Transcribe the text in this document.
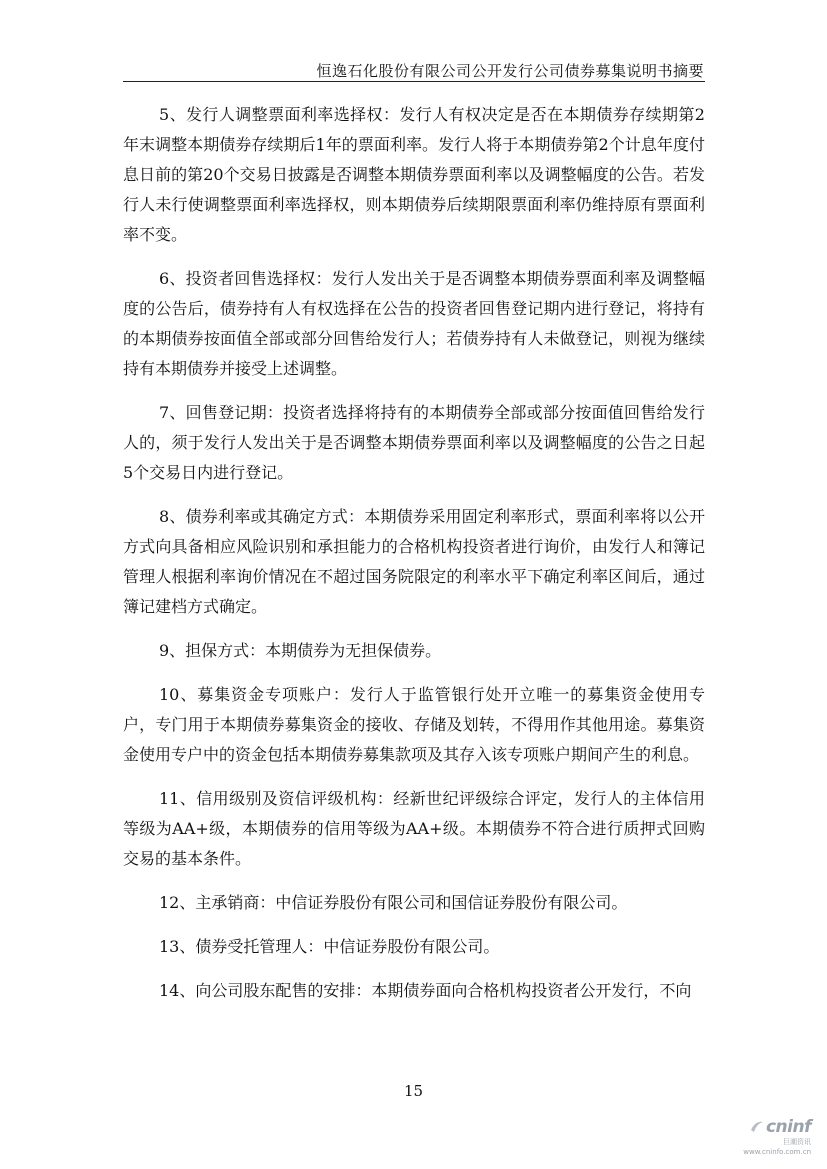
恒逸石化股份有限公司公开发行公司债券募集说明书摘要

5、发行人调整票面利率选择权：发行人有权决定是否在本期债券存续期第2年末调整本期债券存续期后1年的票面利率。发行人将于本期债券第2个计息年度付息日前的第20个交易日披露是否调整本期债券票面利率以及调整幅度的公告。若发行人未行使调整票面利率选择权，则本期债券后续期限票面利率仍维持原有票面利率不变。

6、投资者回售选择权：发行人发出关于是否调整本期债券票面利率及调整幅度的公告后，债券持有人有权选择在公告的投资者回售登记期内进行登记，将持有的本期债券按面值全部或部分回售给发行人；若债券持有人未做登记，则视为继续持有本期债券并接受上述调整。

7、回售登记期：投资者选择将持有的本期债券全部或部分按面值回售给发行人的，须于发行人发出关于是否调整本期债券票面利率以及调整幅度的公告之日起5个交易日内进行登记。

8、债券利率或其确定方式：本期债券采用固定利率形式，票面利率将以公开方式向具备相应风险识别和承担能力的合格机构投资者进行询价，由发行人和簿记管理人根据利率询价情况在不超过国务院限定的利率水平下确定利率区间后，通过簿记建档方式确定。

9、担保方式：本期债券为无担保债券。

10、募集资金专项账户：发行人于监管银行处开立唯一的募集资金使用专户，专门用于本期债券募集资金的接收、存储及划转，不得用作其他用途。募集资金使用专户中的资金包括本期债券募集款项及其存入该专项账户期间产生的利息。

11、信用级别及资信评级机构：经新世纪评级综合评定，发行人的主体信用等级为AA+级，本期债券的信用等级为AA+级。本期债券不符合进行质押式回购交易的基本条件。

12、主承销商：中信证券股份有限公司和国信证券股份有限公司。

13、债券受托管理人：中信证券股份有限公司。

14、向公司股东配售的安排：本期债券面向合格机构投资者公开发行，不向

15
cninf
巨潮资讯
www.cninfo.com.cn
